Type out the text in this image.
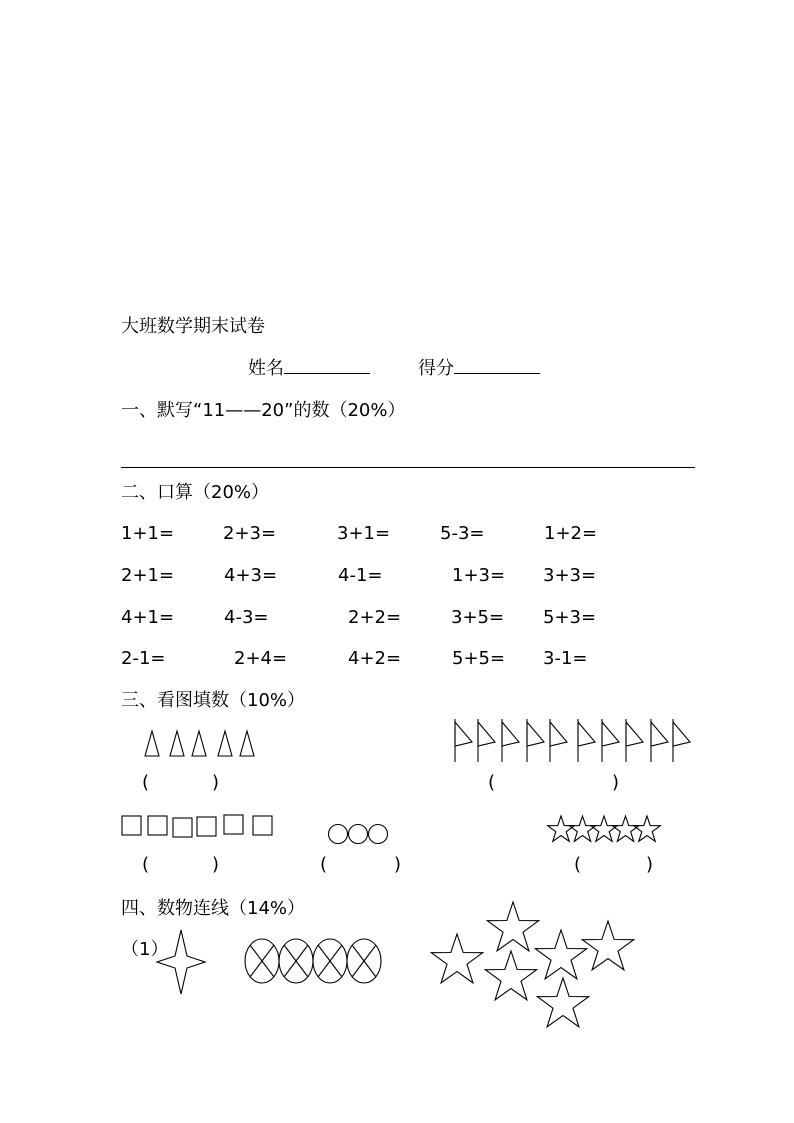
大班数学期末试卷
姓名	得分
一、默写“11——20”的数（20%）
二、口算（20%）
1+1=	2+3=	3+1=	5-3=	1+2=
2+1=	4+3=	4-1=	1+3= 3+3=
4+1=	4-3=	2+2=	3+5= 5+3=
2-1=	2+4=	4+2=	5+5= 3-1=
三、看图填数（10%）
(	)	(	)
(	)	(	)	(	)
四、数物连线（14%）
（1）
